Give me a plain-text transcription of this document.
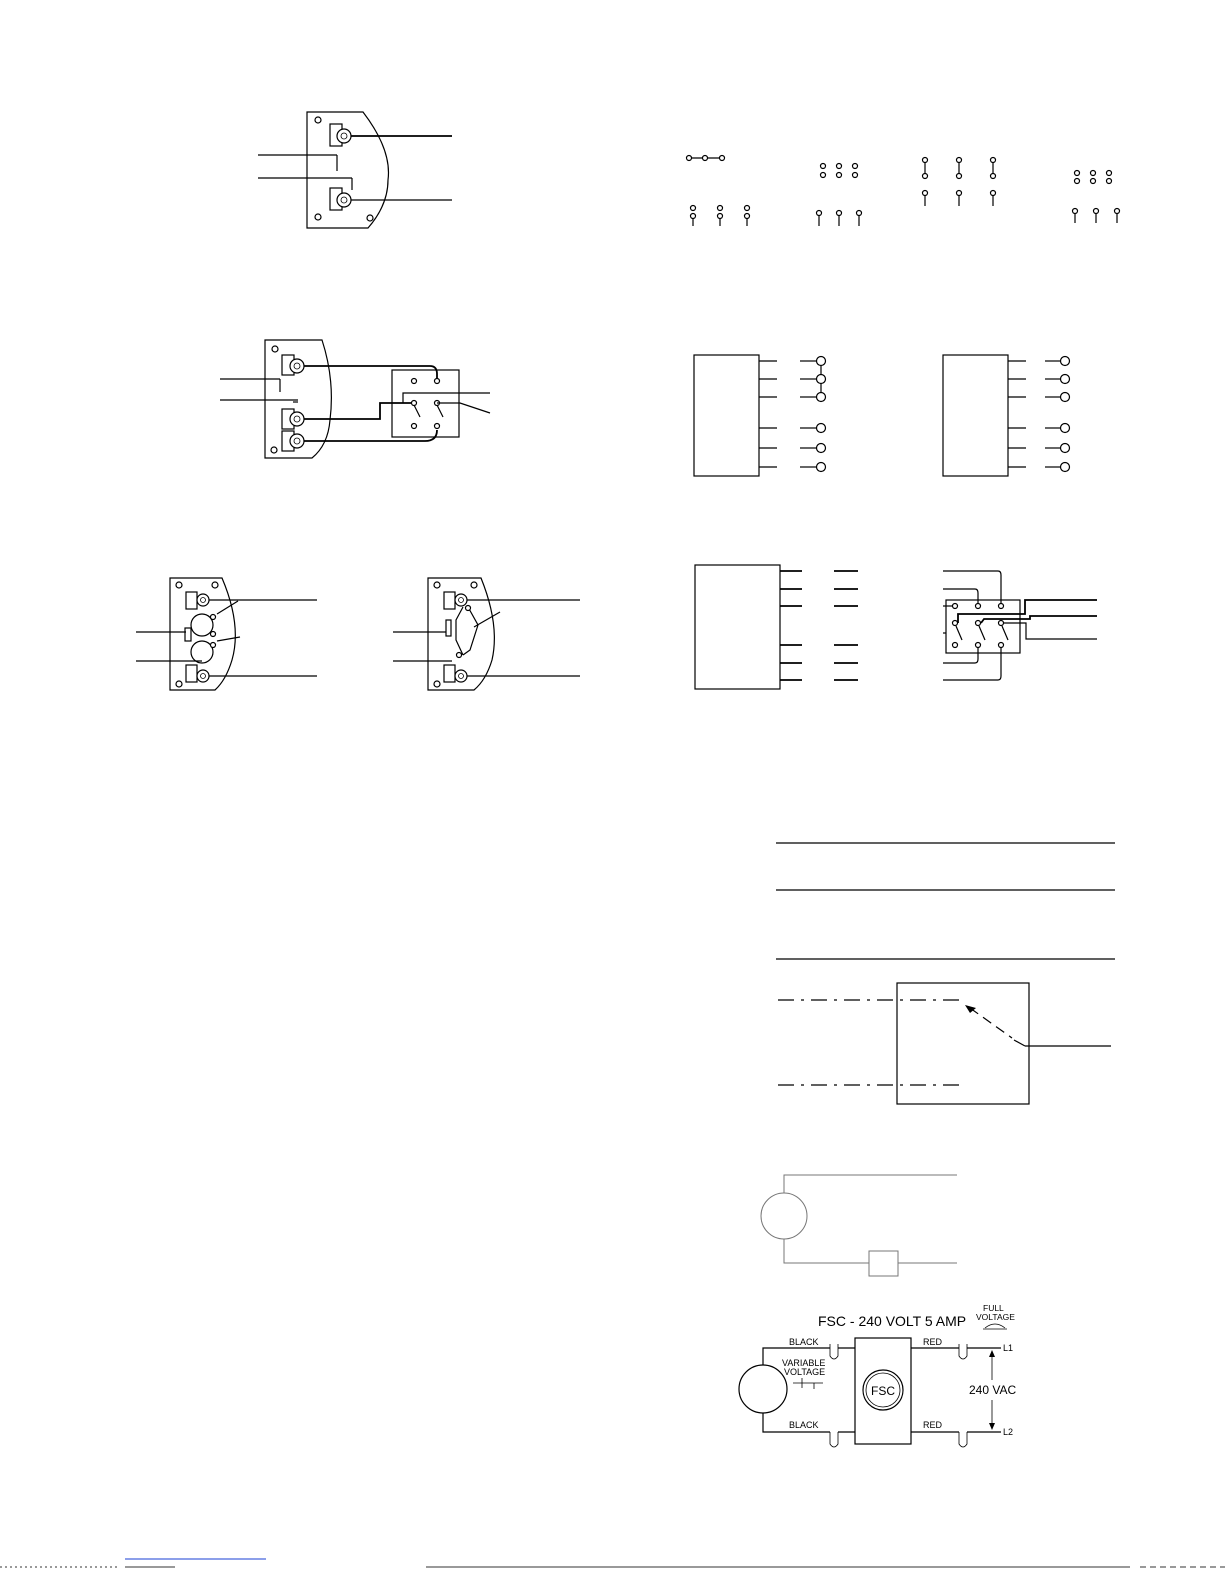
FSC - 240 VOLT 5 AMP
FULL
VOLTAGE
BLACK
BLACK
VARIABLE
VOLTAGE
FSC
RED
RED
L1
L2
240 VAC
